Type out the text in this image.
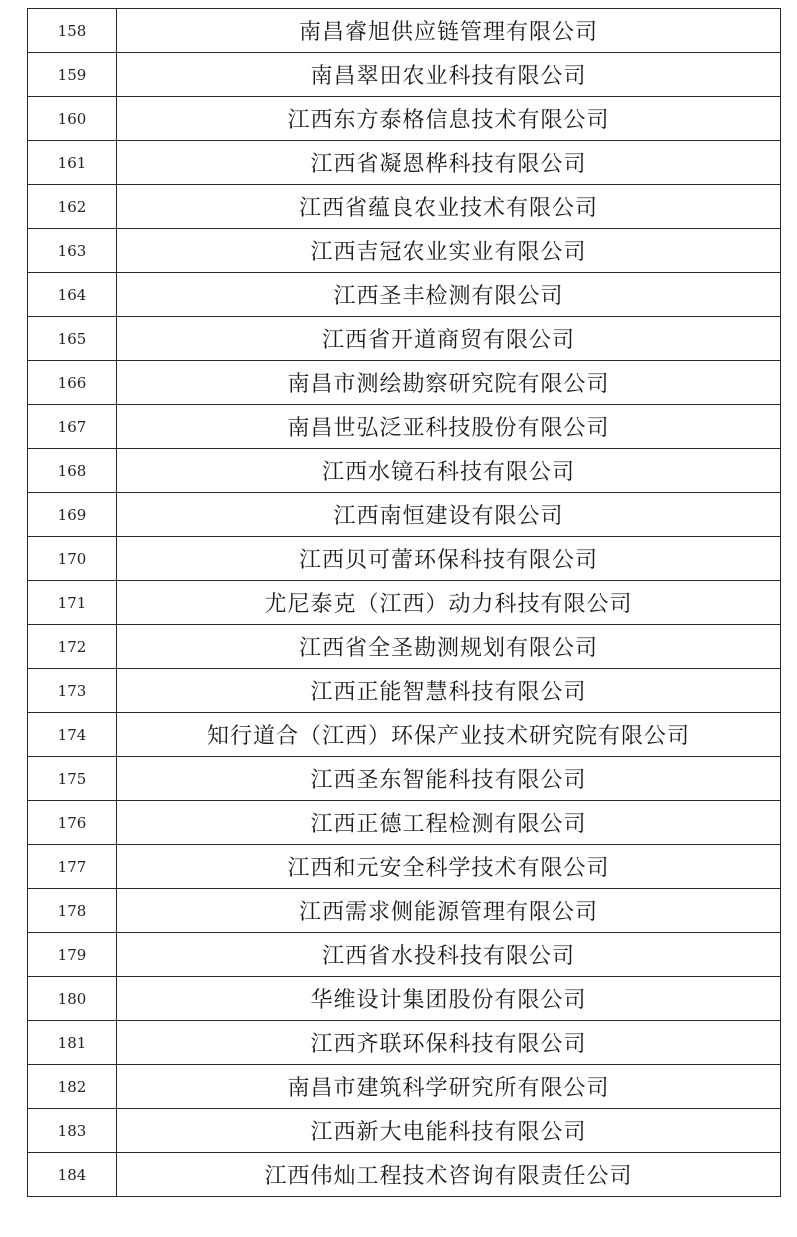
158	南昌睿旭供应链管理有限公司
159	南昌翠田农业科技有限公司
160	江西东方泰格信息技术有限公司
161	江西省凝恩桦科技有限公司
162	江西省蕴良农业技术有限公司
163	江西吉冠农业实业有限公司
164	江西圣丰检测有限公司
165	江西省开道商贸有限公司
166	南昌市测绘勘察研究院有限公司
167	南昌世弘泛亚科技股份有限公司
168	江西水镜石科技有限公司
169	江西南恒建设有限公司
170	江西贝可蕾环保科技有限公司
171	尤尼泰克（江西）动力科技有限公司
172	江西省全圣勘测规划有限公司
173	江西正能智慧科技有限公司
174	知行道合（江西）环保产业技术研究院有限公司
175	江西圣东智能科技有限公司
176	江西正德工程检测有限公司
177	江西和元安全科学技术有限公司
178	江西需求侧能源管理有限公司
179	江西省水投科技有限公司
180	华维设计集团股份有限公司
181	江西齐联环保科技有限公司
182	南昌市建筑科学研究所有限公司
183	江西新大电能科技有限公司
184	江西伟灿工程技术咨询有限责任公司
